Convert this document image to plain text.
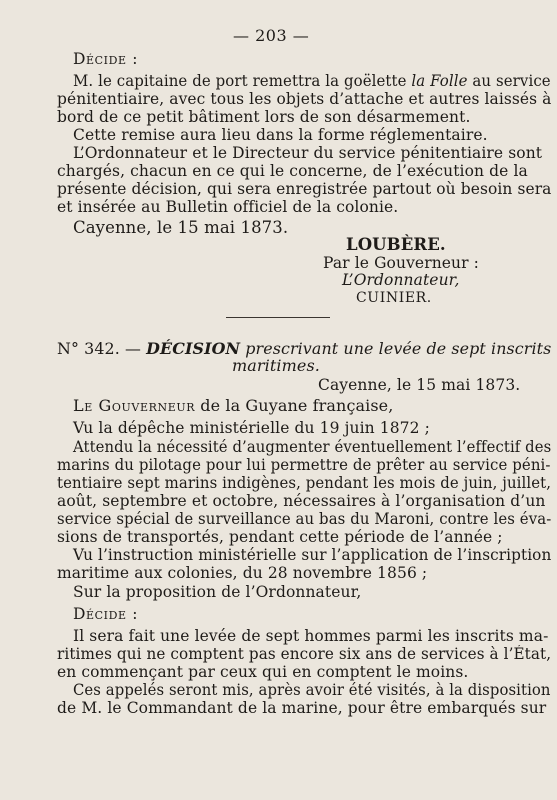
— 203 —
Décide :
M. le capitaine de port remettra la goëlette la Folle au service
pénitentiaire, avec tous les objets d’attache et autres laissés à
bord de ce petit bâtiment lors de son désarmement.
Cette remise aura lieu dans la forme réglementaire.
L’Ordonnateur et le Directeur du service pénitentiaire sont
chargés, chacun en ce qui le concerne, de l’exécution de la
présente décision, qui sera enregistrée partout où besoin sera
et insérée au Bulletin officiel de la colonie.
Cayenne, le 15 mai 1873.
LOUBÈRE.
Par le Gouverneur :
L’Ordonnateur,
CUINIER.
N° 342. — DÉCISION prescrivant une levée de sept inscrits
maritimes.
Cayenne, le 15 mai 1873.
Le Gouverneur de la Guyane française,
Vu la dépêche ministérielle du 19 juin 1872 ;
Attendu la nécessité d’augmenter éventuellement l’effectif des
marins du pilotage pour lui permettre de prêter au service péni-
tentiaire sept marins indigènes, pendant les mois de juin, juillet,
août, septembre et octobre, nécessaires à l’organisation d’un
service spécial de surveillance au bas du Maroni, contre les éva-
sions de transportés, pendant cette période de l’année ;
Vu l’instruction ministérielle sur l’application de l’inscription
maritime aux colonies, du 28 novembre 1856 ;
Sur la proposition de l’Ordonnateur,
Décide :
Il sera fait une levée de sept hommes parmi les inscrits ma-
ritimes qui ne comptent pas encore six ans de services à l’État,
en commençant par ceux qui en comptent le moins.
Ces appelés seront mis, après avoir été visités, à la disposition
de M. le Commandant de la marine, pour être embarqués sur
